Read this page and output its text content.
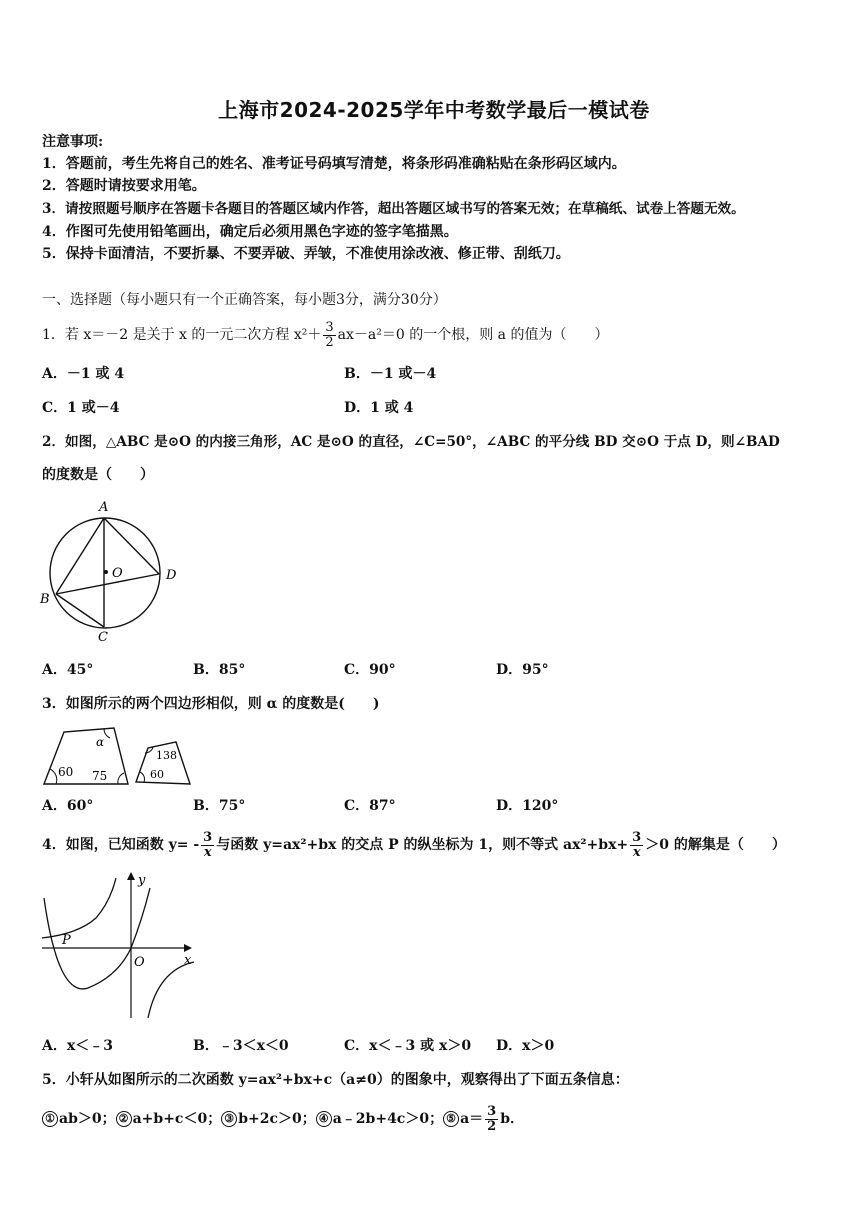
上海市2024-2025学年中考数学最后一模试卷
注意事项:
1．答题前，考生先将自己的姓名、准考证号码填写清楚，将条形码准确粘贴在条形码区域内。
2．答题时请按要求用笔。
3．请按照题号顺序在答题卡各题目的答题区域内作答，超出答题区域书写的答案无效；在草稿纸、试卷上答题无效。
4．作图可先使用铅笔画出，确定后必须用黑色字迹的签字笔描黑。
5．保持卡面清洁，不要折暴、不要弄破、弄皱，不准使用涂改液、修正带、刮纸刀。
一、选择题（每小题只有一个正确答案，每小题3分，满分30分）
1．若 x＝－2 是关于 x 的一元二次方程 $x^2+ \frac{3}{2} ax-a^2=0$ 的一个根，则 a 的值为（　　）
A．－1 或 4	B．－1 或－4
C．1 或－4	D．1 或 4
2．如图，△ABC 是⊙O 的内接三角形，AC 是⊙O 的直径，∠C=50°，∠ABC 的平分线 BD 交⊙O 于点 D，则∠BAD
的度数是（　　）
A
O	D
B
C
A．45°	B．85°	C．90°	D．95°
3．如图所示的两个四边形相似，则 α 的度数是(　　)
α
60 75
138
60
A．60°	B．75°	C．87°	D．120°
4．如图，已知函数 $y= - \frac{3}{x}$ 与函数 y=ax²+bx 的交点 P 的纵坐标为 1，则不等式 $ax^2+bx+ \frac{3}{x} >0$ 的解集是（　　）
y
x
P
O
A．x＜﹣3	B．﹣3＜x＜0	C．x＜﹣3 或 x＞0 D．x＞0
5．小轩从如图所示的二次函数 y=ax²+bx+c（a≠0）的图象中，观察得出了下面五条信息：
① ab＞0； ② a+b+c＜0； ③ b+2c＞0； ④ a﹣2b+4c＞0； ⑤ $a= \frac{3}{2}$ b．
